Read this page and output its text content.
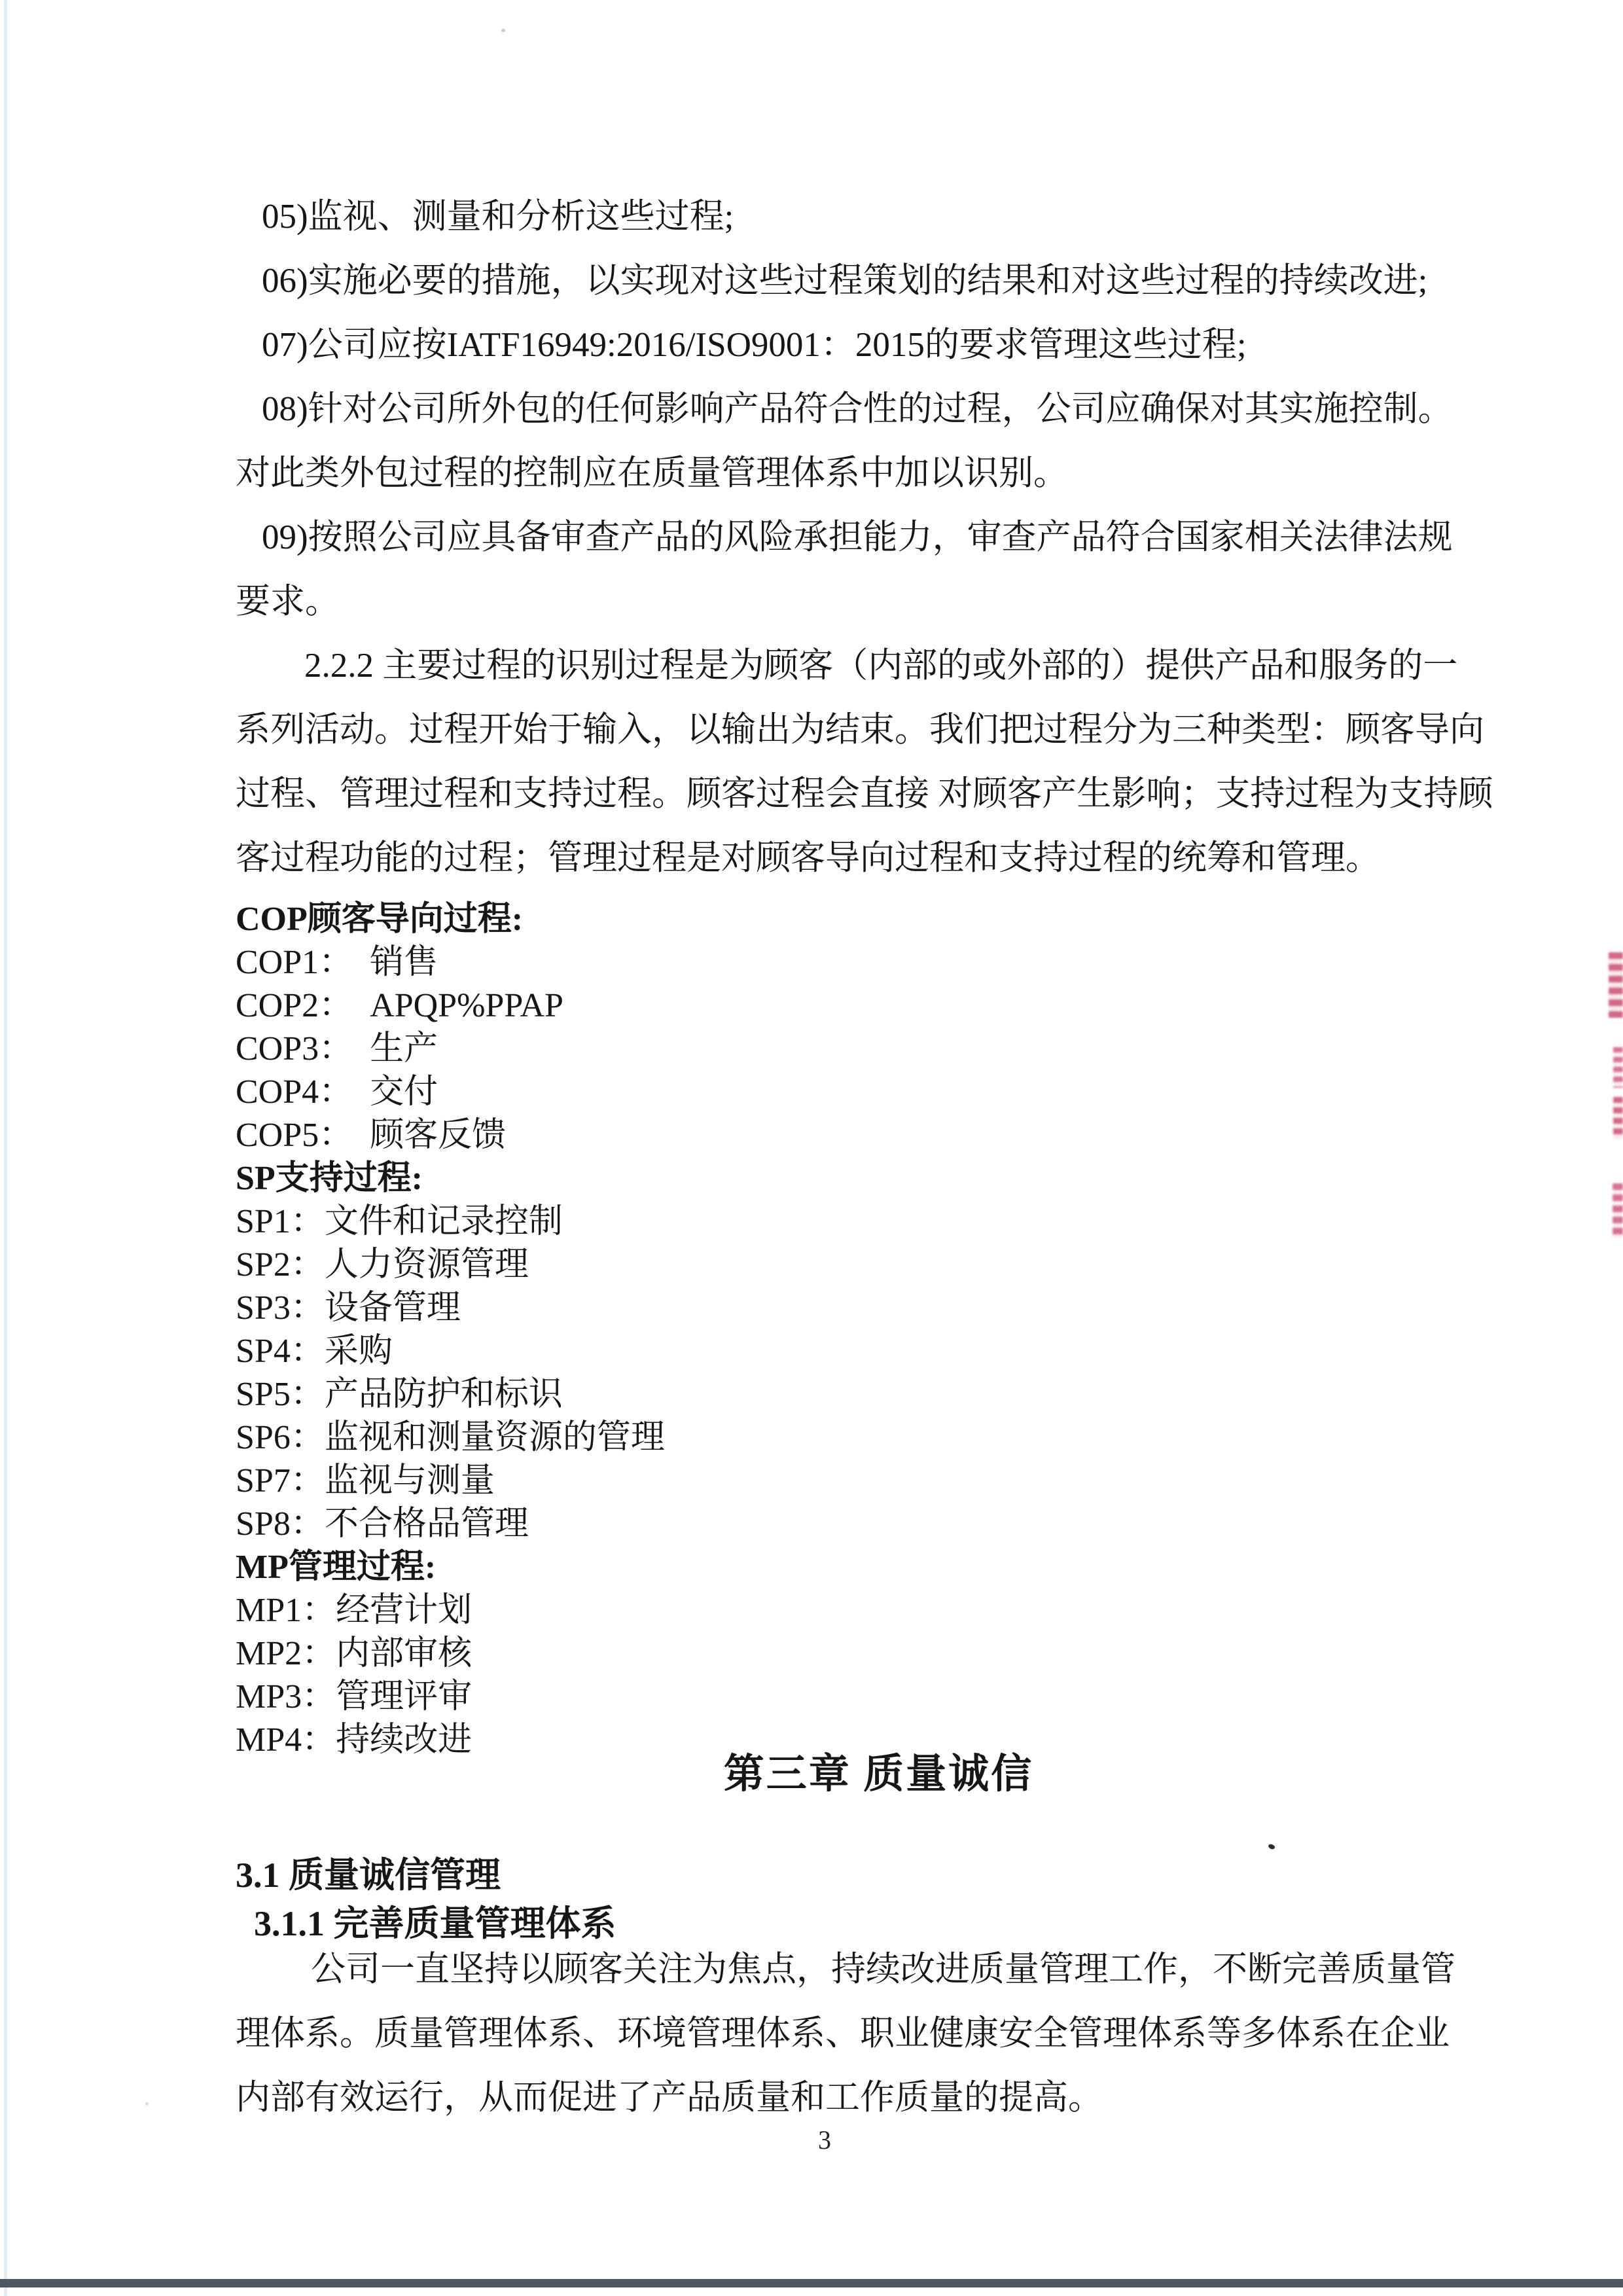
05)监视、测量和分析这些过程;
06)实施必要的措施，以实现对这些过程策划的结果和对这些过程的持续改进;
07)公司应按IATF16949:2016/ISO9001：2015的要求管理这些过程;
08)针对公司所外包的任何影响产品符合性的过程，公司应确保对其实施控制。
对此类外包过程的控制应在质量管理体系中加以识别。
09)按照公司应具备审查产品的风险承担能力，审查产品符合国家相关法律法规
要求。
2.2.2 主要过程的识别过程是为顾客（内部的或外部的）提供产品和服务的一
系列活动。过程开始于输入，以输出为结束。我们把过程分为三种类型：顾客导向
过程、管理过程和支持过程。顾客过程会直接 对顾客产生影响；支持过程为支持顾
客过程功能的过程；管理过程是对顾客导向过程和支持过程的统筹和管理。
COP顾客导向过程:
COP1：　销售
COP2：　APQP%PPAP
COP3：　生产
COP4：　交付
COP5：　顾客反馈
SP支持过程:
SP1：文件和记录控制
SP2：人力资源管理
SP3：设备管理
SP4：采购
SP5：产品防护和标识
SP6：监视和测量资源的管理
SP7：监视与测量
SP8：不合格品管理
MP管理过程:
MP1：经营计划
MP2：内部审核
MP3：管理评审
MP4：持续改进
第三章 质量诚信
3.1 质量诚信管理
3.1.1 完善质量管理体系
公司一直坚持以顾客关注为焦点，持续改进质量管理工作，不断完善质量管
理体系。质量管理体系、环境管理体系、职业健康安全管理体系等多体系在企业
内部有效运行，从而促进了产品质量和工作质量的提高。
3
